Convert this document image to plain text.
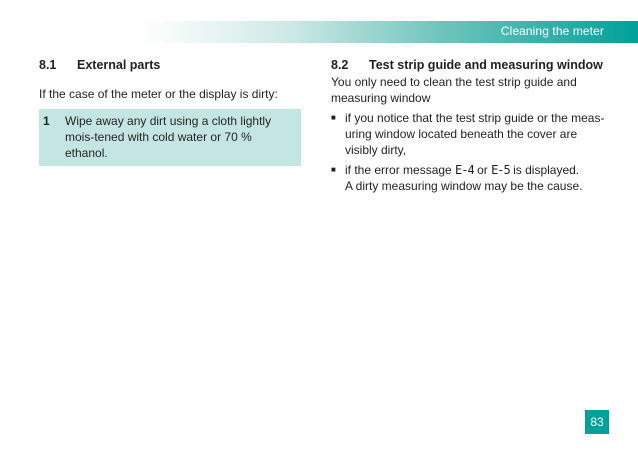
Cleaning the meter
8.1	External parts
If the case of the meter or the display is dirty:
1	Wipe away any dirt using a cloth lightly mois-tened with cold water or 70 % ethanol.
8.2	Test strip guide and measuring window
You only need to clean the test strip guide and measuring window
■ if you notice that the test strip guide or the meas-uring window located beneath the cover are visibly dirty,
■ if the error message E-4 or E-5 is displayed.
A dirty measuring window may be the cause.
83
